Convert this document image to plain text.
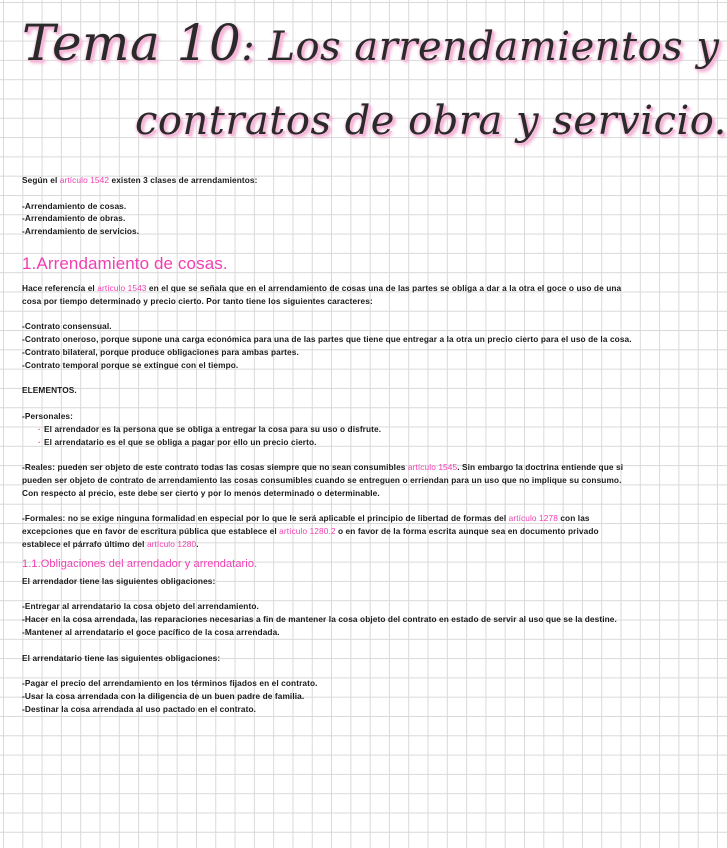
Tema 10: Los arrendamientos y
contratos de obra y servicio.

Según el artículo 1542 existen 3 clases de arrendamientos:

-Arrendamiento de cosas.

-Arrendamiento de obras.

-Arrendamiento de servicios.

1.Arrendamiento de cosas.

Hace referencia el artículo 1543 en el que se señala que en el arrendamiento de cosas una de las partes se obliga a dar a la otra el goce o uso de una cosa por tiempo determinado y precio cierto. Por tanto tiene los siguientes caracteres:

-Contrato consensual.

-Contrato oneroso, porque supone una carga económica para una de las partes que tiene que entregar a la otra un precio cierto para el uso de la cosa.

-Contrato bilateral, porque produce obligaciones para ambas partes.

-Contrato temporal porque se extingue con el tiempo.

ELEMENTOS.

-Personales:

· El arrendador es la persona que se obliga a entregar la cosa para su uso o disfrute.

· El arrendatario es el que se obliga a pagar por ello un precio cierto.

-Reales: pueden ser objeto de este contrato todas las cosas siempre que no sean consumibles artículo 1545. Sin embargo la doctrina entiende que si pueden ser objeto de contrato de arrendamiento las cosas consumibles cuando se entreguen o erriendan para un uso que no implique su consumo.

Con respecto al precio, este debe ser cierto y por lo menos determinado o determinable.

-Formales: no se exige ninguna formalidad en especial por lo que le será aplicable el principio de libertad de formas del artículo 1278 con las excepciones que en favor de escritura pública que establece el artículo 1280.2 o en favor de la forma escrita aunque sea en documento privado establece el párrafo último del artículo 1280.

1.1.Obligaciones del arrendador y arrendatario.

El arrendador tiene las siguientes obligaciones:

-Entregar al arrendatario la cosa objeto del arrendamiento.

-Hacer en la cosa arrendada, las reparaciones necesarias a fin de mantener la cosa objeto del contrato en estado de servir al uso que se la destine.

-Mantener al arrendatario el goce pacífico de la cosa arrendada.

El arrendatario tiene las siguientes obligaciones:

-Pagar el precio del arrendamiento en los términos fijados en el contrato.

-Usar la cosa arrendada con la diligencia de un buen padre de familia.

-Destinar la cosa arrendada al uso pactado en el contrato.
